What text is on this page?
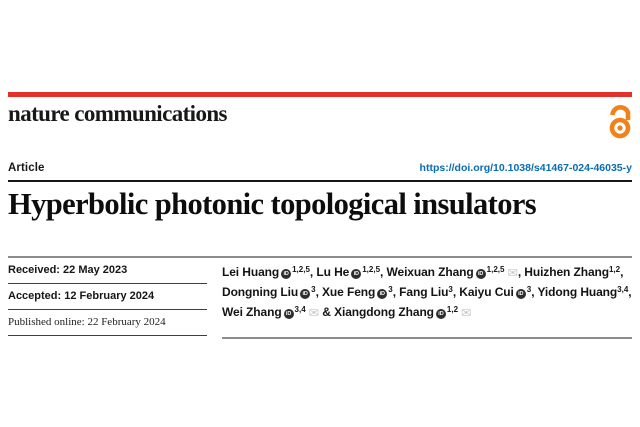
nature communications
Article	https://doi.org/10.1038/s41467-024-46035-y
Hyperbolic photonic topological insulators
Received: 22 May 2023
Accepted: 12 February 2024
Published online: 22 February 2024
Lei Huang iD$^{1,2,5}$, Lu He iD$^{1,2,5}$, Weixuan Zhang iD$^{1,2,5}$ ✉, Huizhen Zhang$^{1,2}$,
Dongning Liu iD$^3$, Xue Feng iD$^3$, Fang Liu$^3$, Kaiyu Cui iD$^3$, Yidong Huang$^{3,4}$,
Wei Zhang iD$^{3,4}$ ✉ & Xiangdong Zhang iD$^{1,2}$ ✉
